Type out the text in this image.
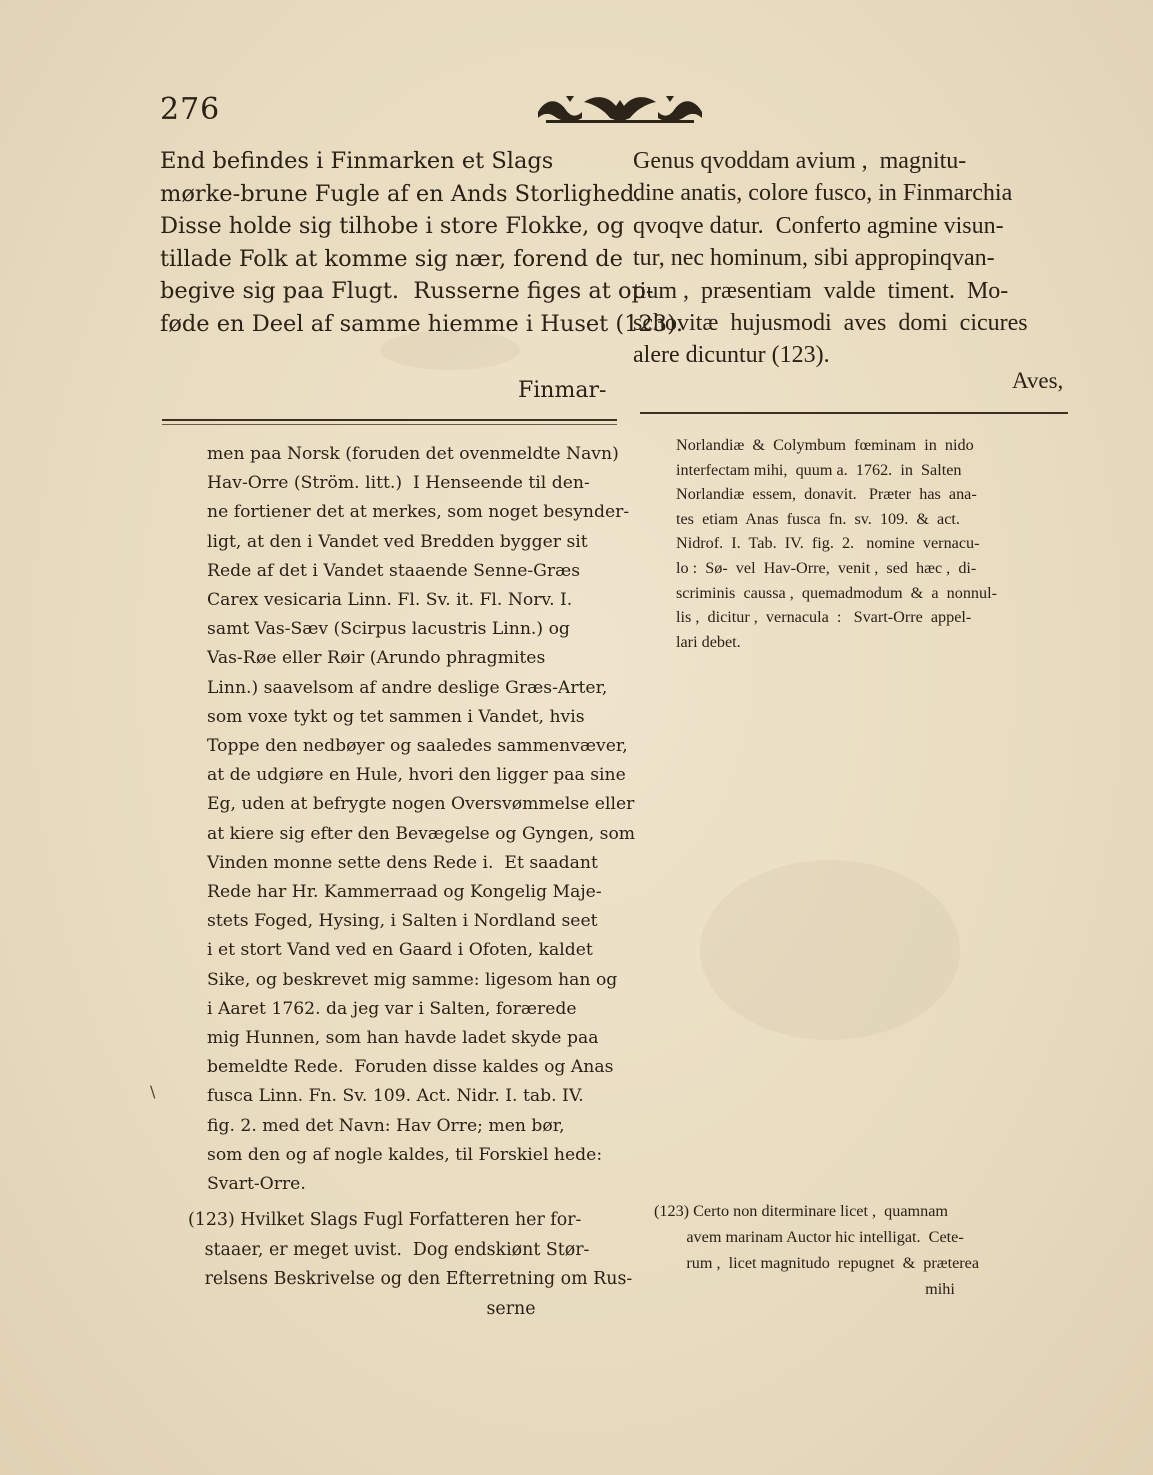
276
End befindes i Finmarken et Slags
mørke-brune Fugle af en Ands Storlighed.
Disse holde sig tilhobe i store Flokke, og
tillade Folk at komme sig nær, forend de
begive sig paa Flugt.  Russerne figes at op-
føde en Deel af samme hiemme i Huset (123).
Genus qvoddam avium ,  magnitu-
dine anatis, colore fusco, in Finmarchia
qvoqve datur.  Conferto agmine visun-
tur, nec hominum, sibi appropinqvan-
tium ,  præsentiam  valde  timent.  Mo-
schovitæ  hujusmodi  aves  domi  cicures
alere dicuntur (123).
Finmar-	Aves,
men paa Norsk (foruden det ovenmeldte Navn)
Hav-Orre (Ström. litt.)  I Henseende til den-
ne fortiener det at merkes, som noget besynder-
ligt, at den i Vandet ved Bredden bygger sit
Rede af det i Vandet staaende Senne-Græs
Carex vesicaria Linn. Fl. Sv. it. Fl. Norv. I.
samt Vas-Sæv (Scirpus lacustris Linn.) og
Vas-Røe eller Røir (Arundo phragmites
Linn.) saavelsom af andre deslige Græs-Arter,
som voxe tykt og tet sammen i Vandet, hvis
Toppe den nedbøyer og saaledes sammenvæver,
at de udgiøre en Hule, hvori den ligger paa sine
Eg, uden at befrygte nogen Oversvømmelse eller
at kiere sig efter den Bevægelse og Gyngen, som
Vinden monne sette dens Rede i.  Et saadant
Rede har Hr. Kammerraad og Kongelig Maje-
stets Foged, Hysing, i Salten i Nordland seet
i et stort Vand ved en Gaard i Ofoten, kaldet
Sike, og beskrevet mig samme: ligesom han og
i Aaret 1762. da jeg var i Salten, forærede
mig Hunnen, som han havde ladet skyde paa
bemeldte Rede.  Foruden disse kaldes og Anas
fusca Linn. Fn. Sv. 109. Act. Nidr. I. tab. IV.
fig. 2. med det Navn: Hav Orre; men bør,
som den og af nogle kaldes, til Forskiel hede:
Svart-Orre.
Norlandiæ  &  Colymbum  fœminam  in  nido
interfectam mihi,  quum a.  1762.  in  Salten
Norlandiæ  essem,  donavit.   Præter  has  ana-
tes  etiam  Anas  fusca  fn.  sv.  109.  &  act.
Nidrof.  I.  Tab.  IV.  fig.  2.   nomine  vernacu-
lo :  Sø-  vel  Hav-Orre,  venit ,  sed  hæc ,  di-
scriminis  caussa ,  quemadmodum  &  a  nonnul-
lis ,  dicitur ,  vernacula  :   Svart-Orre  appel-
lari debet.
(123) Hvilket Slags Fugl Forfatteren her for-
staaer, er meget uvist.  Dog endskiønt Stør-
relsens Beskrivelse og den Efterretning om Rus-
serne
(123) Certo non diterminare licet ,  quamnam
avem marinam Auctor hic intelligat.  Cete-
rum ,  licet magnitudo  repugnet  &  præterea
mihi
\
